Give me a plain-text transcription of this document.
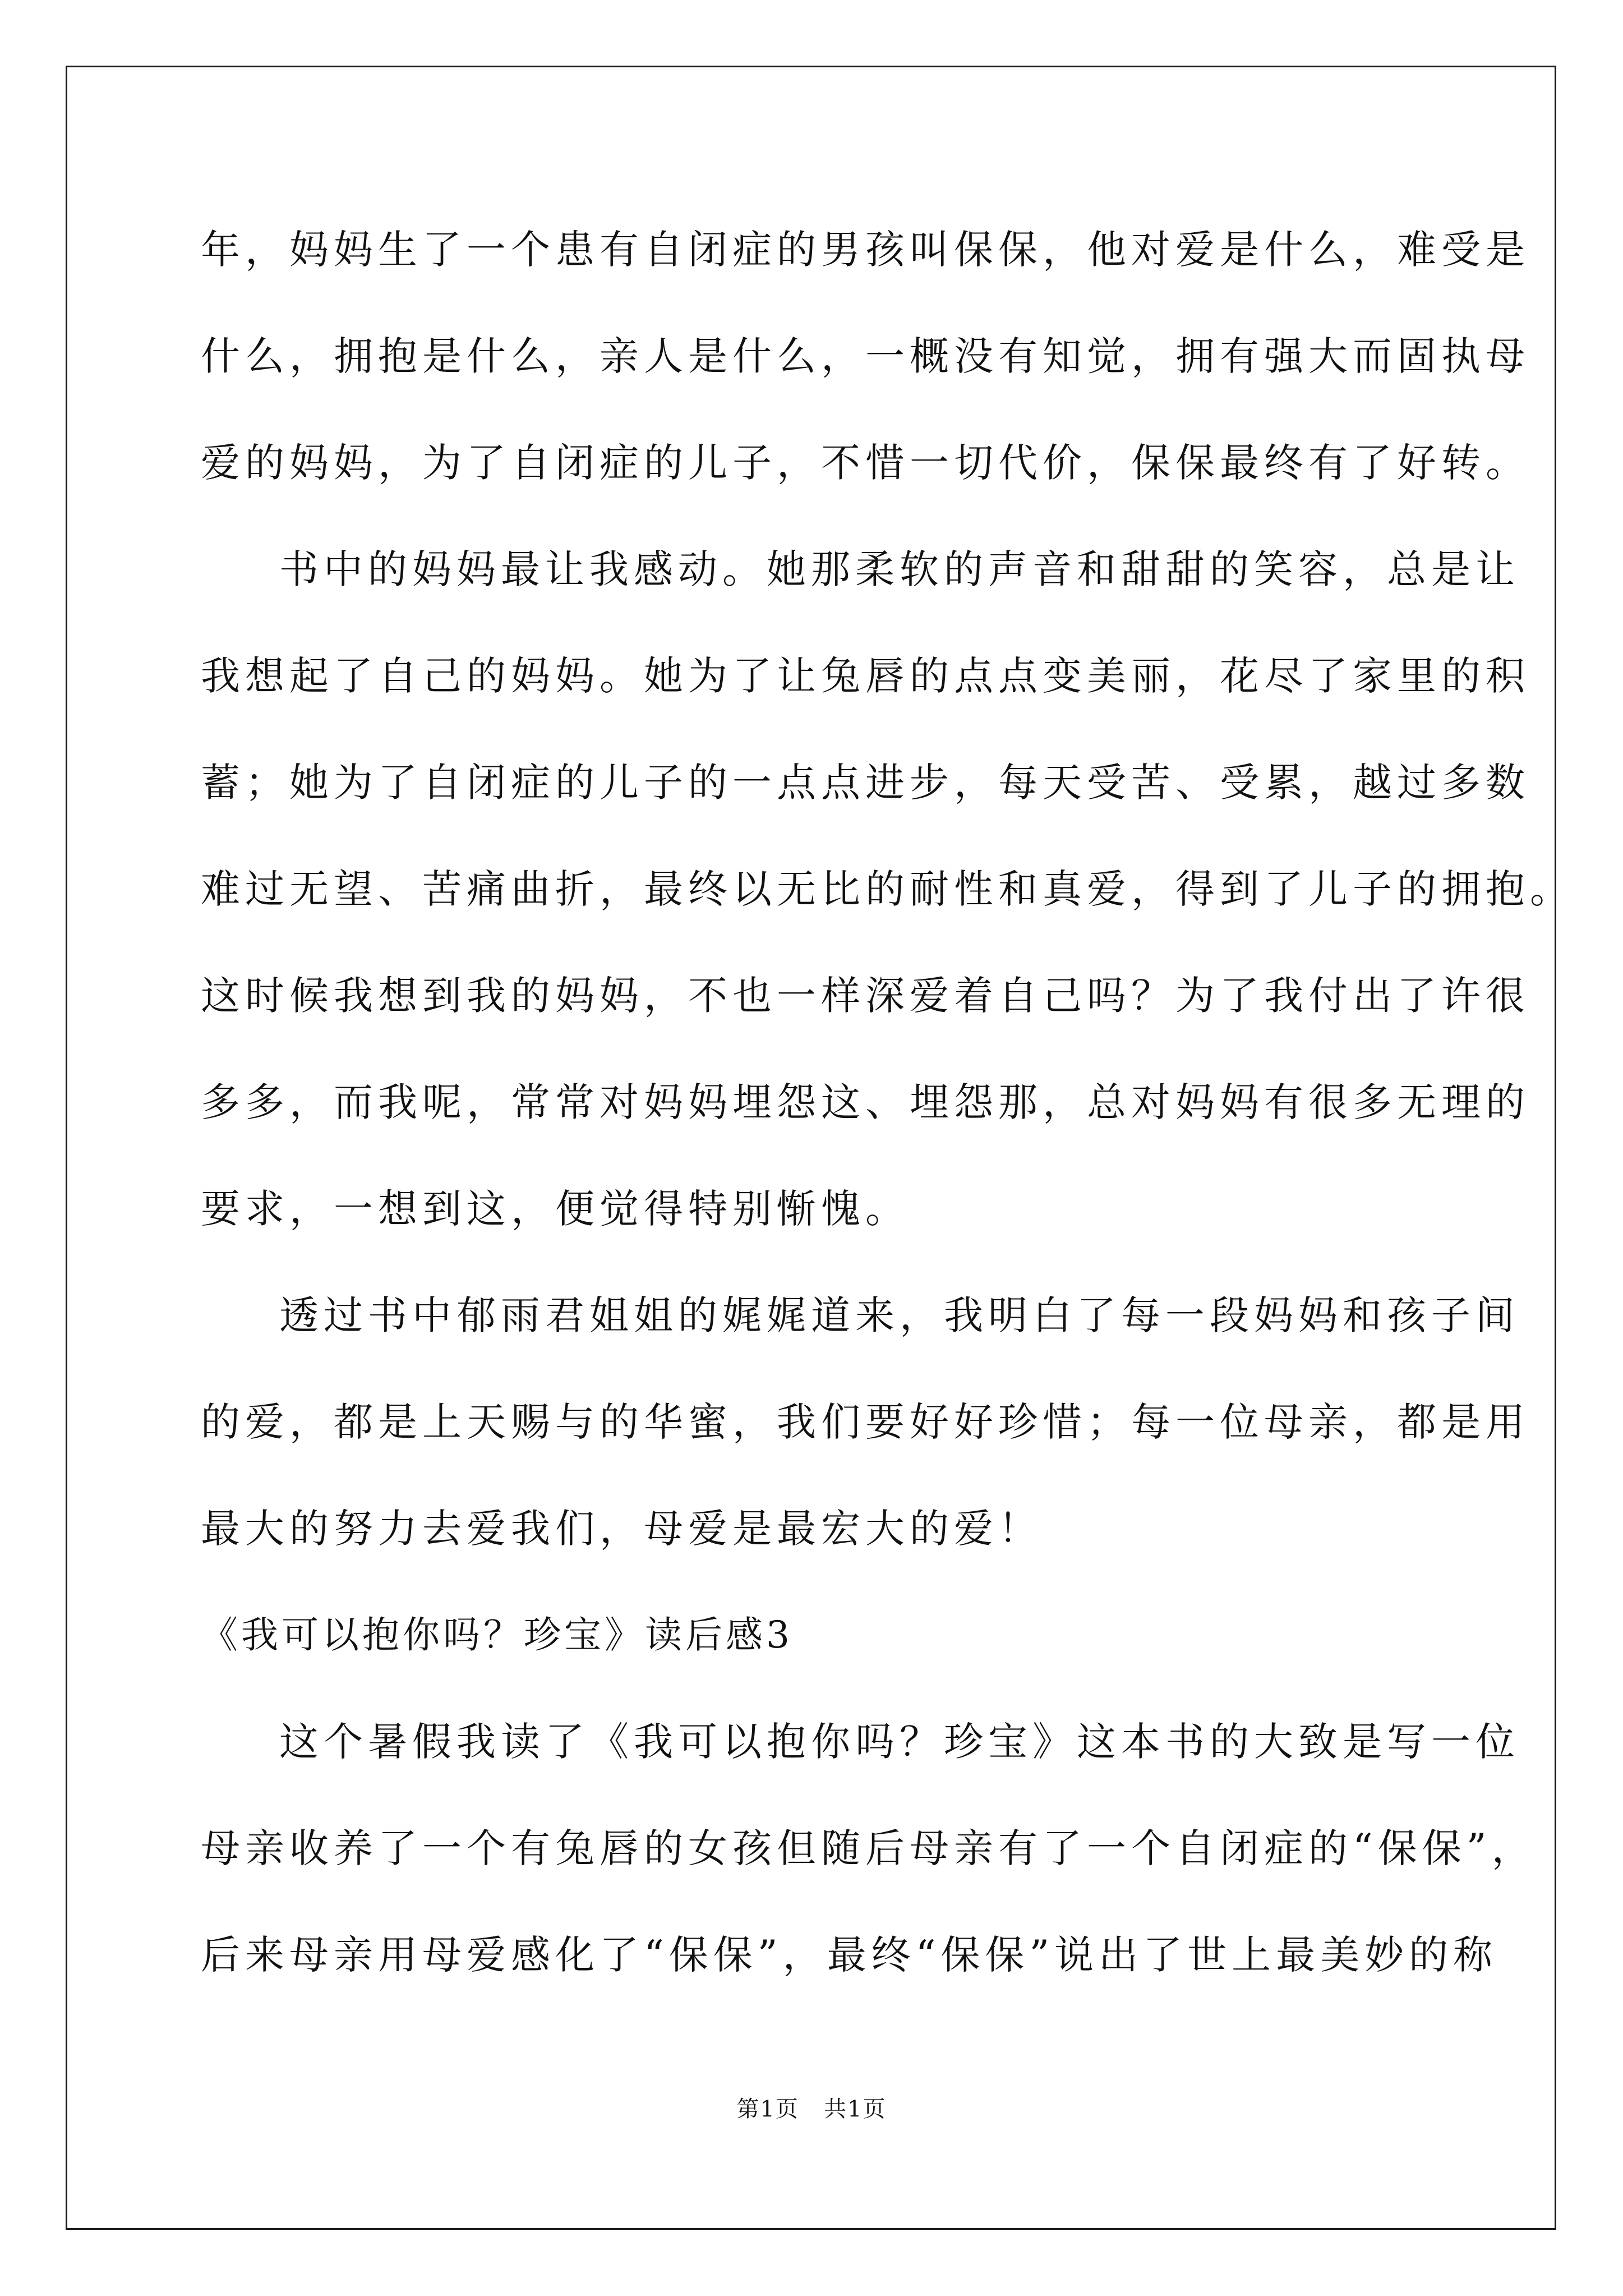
年，妈妈生了一个患有自闭症的男孩叫保保，他对爱是什么，难受是
什么，拥抱是什么，亲人是什么，一概没有知觉，拥有强大而固执母
爱的妈妈，为了自闭症的儿子，不惜一切代价，保保最终有了好转。
书中的妈妈最让我感动。她那柔软的声音和甜甜的笑容，总是让
我想起了自己的妈妈。她为了让兔唇的点点变美丽，花尽了家里的积
蓄；她为了自闭症的儿子的一点点进步，每天受苦、受累，越过多数
难过无望、苦痛曲折，最终以无比的耐性和真爱，得到了儿子的拥抱。
这时候我想到我的妈妈，不也一样深爱着自己吗？为了我付出了许很
多多，而我呢，常常对妈妈埋怨这、埋怨那，总对妈妈有很多无理的
要求，一想到这，便觉得特别惭愧。
透过书中郁雨君姐姐的娓娓道来，我明白了每一段妈妈和孩子间
的爱，都是上天赐与的华蜜，我们要好好珍惜；每一位母亲，都是用
最大的努力去爱我们，母爱是最宏大的爱！
《我可以抱你吗？珍宝》读后感3
这个暑假我读了《我可以抱你吗？珍宝》这本书的大致是写一位
母亲收养了一个有兔唇的女孩但随后母亲有了一个自闭症的“保保”，
后来母亲用母爱感化了“保保”，最终“保保”说出了世上最美妙的称
第1页   共1页
